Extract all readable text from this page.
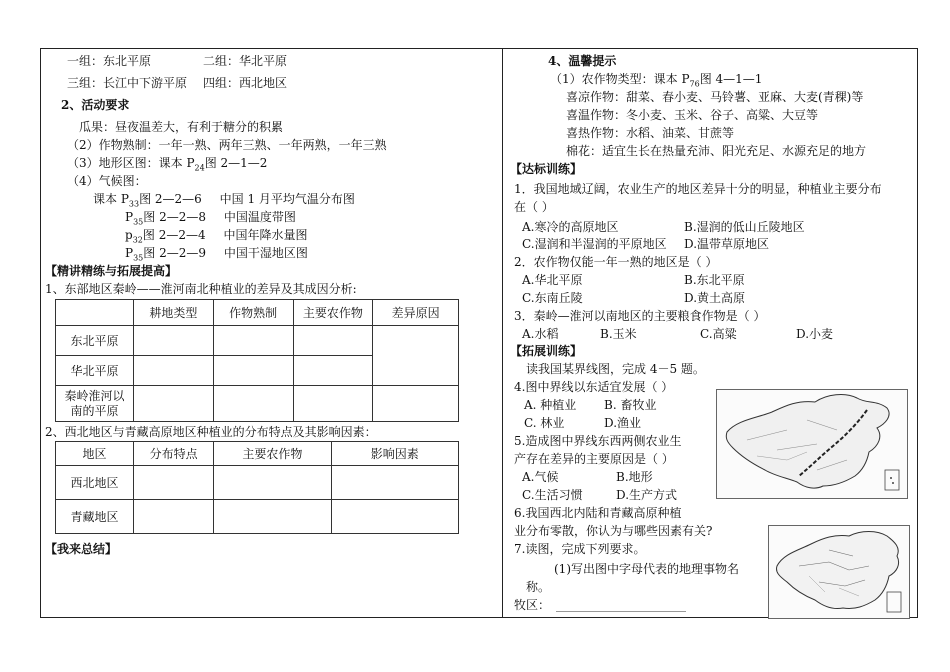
一组：东北平原	二组：华北平原
三组：长江中下游平原 四组：西北地区
2、活动要求
瓜果：昼夜温差大，有利于糖分的积累
（2）作物熟制：一年一熟、两年三熟、一年两熟，一年三熟
（3）地形区图：课本 $P_{24}$图 2—1—2
（4）气候图：
课本 $P_{33}$图 2—2—6 中国 1 月平均气温分布图
$P_{35}$图 2—2—8 中国温度带图
$p_{32}$图 2—2—4 中国年降水量图
$P_{35}$图 2—2—9 中国干湿地区图
【精讲精练与拓展提高】
1、东部地区秦岭——淮河南北种植业的差异及其成因分析:
	耕地类型	作物熟制	主要农作物	差异原因
东北平原				
华北平原				
秦岭淮河以南的平原				
2、西北地区与青藏高原地区种植业的分布特点及其影响因素：
地区	分布特点	主要农作物	影响因素
西北地区			
青藏地区			
【我来总结】
4、温馨提示
（1）农作物类型：课本 $P_{76}$图 4—1—1
喜凉作物：甜菜、春小麦、马铃薯、亚麻、大麦(青稞)等
喜温作物：冬小麦、玉米、谷子、高粱、大豆等
喜热作物：水稻、油菜、甘蔗等
棉花：适宜生长在热量充沛、阳光充足、水源充足的地方
【达标训练】
1．我国地域辽阔，农业生产的地区差异十分的明显，种植业主要分布
在（ ）
A.寒冷的高原地区	B.湿润的低山丘陵地区
C.湿润和半湿润的平原地区 D.温带草原地区
2．农作物仅能一年一熟的地区是（ ）
A.华北平原	B.东北平原
C.东南丘陵	D.黄土高原
3．秦岭—淮河以南地区的主要粮食作物是（ ）
A.水稻	B.玉米	C.高粱	D.小麦
【拓展训练】
读我国某界线图，完成 4－5 题。
4.图中界线以东适宜发展（ ）
A. 种植业 B. 畜牧业
C. 林业	D.渔业
5.造成图中界线东西两侧农业生
产存在差异的主要原因是（ ）
A.气候	B.地形
C.生活习惯	D.生产方式
6.我国西北内陆和青藏高原种植
业分布零散，你认为与哪些因素有关?
7.读图，完成下列要求。
(1)写出图中字母代表的地理事物名
称。
牧区：
